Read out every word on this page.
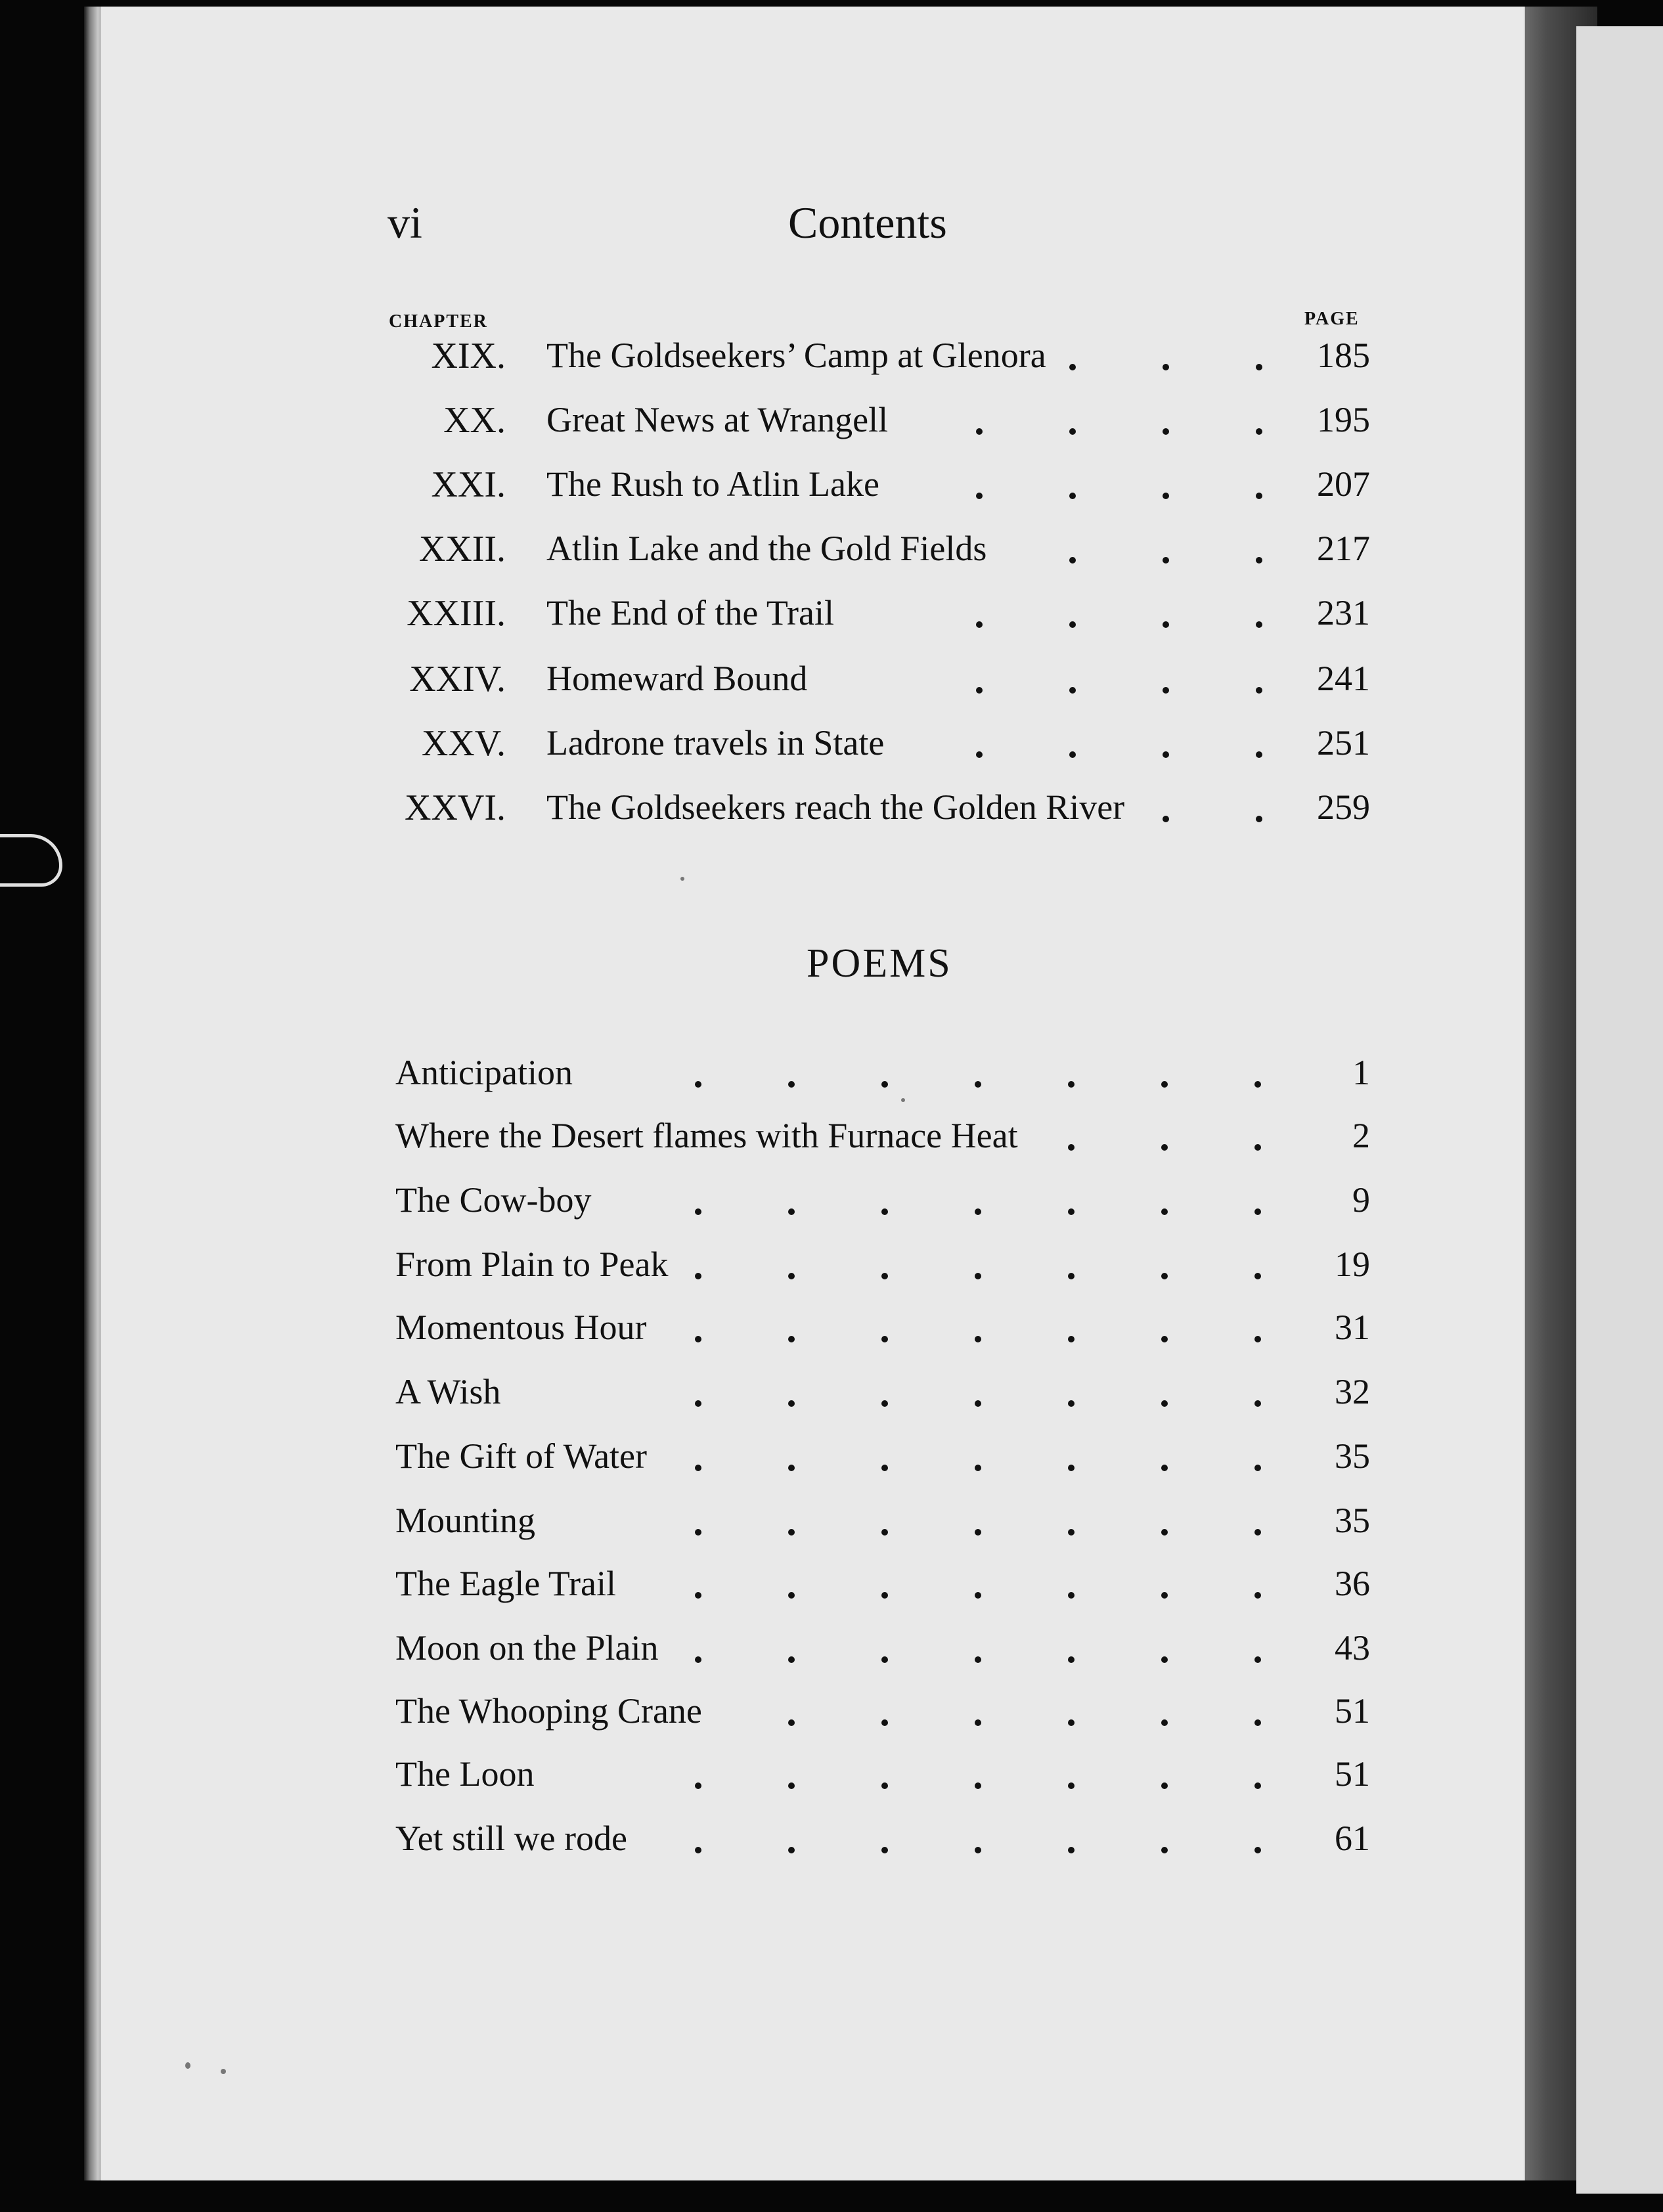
vi	Contents
CHAPTER	PAGE
XIX. The Goldseekers’ Camp at Glenora	185
XX. Great News at Wrangell	195
XXI. The Rush to Atlin Lake	207
XXII. Atlin Lake and the Gold Fields	217
XXIII. The End of the Trail	231
XXIV. Homeward Bound	241
XXV. Ladrone travels in State	251
XXVI. The Goldseekers reach the Golden River	259
POEMS
Anticipation	1
Where the Desert flames with Furnace Heat	2
The Cow-boy	9
From Plain to Peak	19
Momentous Hour	31
A Wish	32
The Gift of Water	35
Mounting	35
The Eagle Trail	36
Moon on the Plain	43
The Whooping Crane	51
The Loon	51
Yet still we rode	61
